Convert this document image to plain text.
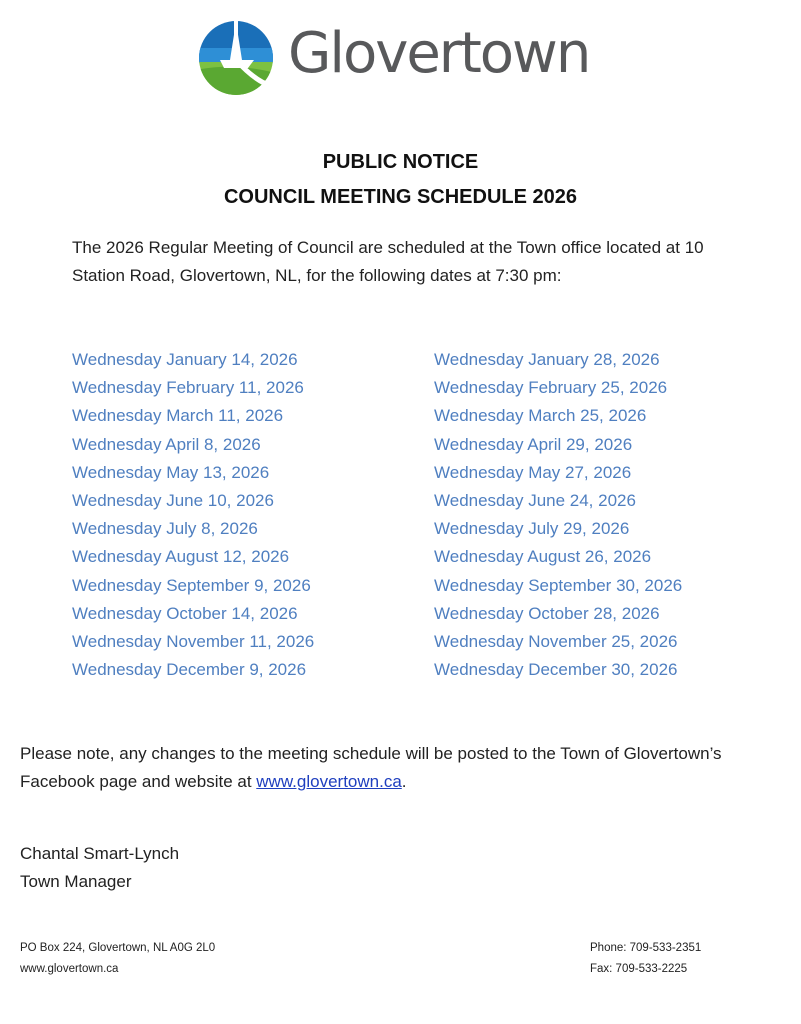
Glovertown
PUBLIC NOTICE
COUNCIL MEETING SCHEDULE 2026
The 2026 Regular Meeting of Council are scheduled at the Town office located at 10
Station Road, Glovertown, NL, for the following dates at 7:30 pm:
Wednesday January 14, 2026
Wednesday February 11, 2026
Wednesday March 11, 2026
Wednesday April 8, 2026
Wednesday May 13, 2026
Wednesday June 10, 2026
Wednesday July 8, 2026
Wednesday August 12, 2026
Wednesday September 9, 2026
Wednesday October 14, 2026
Wednesday November 11, 2026
Wednesday December 9, 2026
Wednesday January 28, 2026
Wednesday February 25, 2026
Wednesday March 25, 2026
Wednesday April 29, 2026
Wednesday May 27, 2026
Wednesday June 24, 2026
Wednesday July 29, 2026
Wednesday August 26, 2026
Wednesday September 30, 2026
Wednesday October 28, 2026
Wednesday November 25, 2026
Wednesday December 30, 2026
Please note, any changes to the meeting schedule will be posted to the Town of Glovertown’s
Facebook page and website at www.glovertown.ca.
Chantal Smart-Lynch
Town Manager
PO Box 224, Glovertown, NL A0G 2L0
www.glovertown.ca
Phone: 709-533-2351
Fax: 709-533-2225
